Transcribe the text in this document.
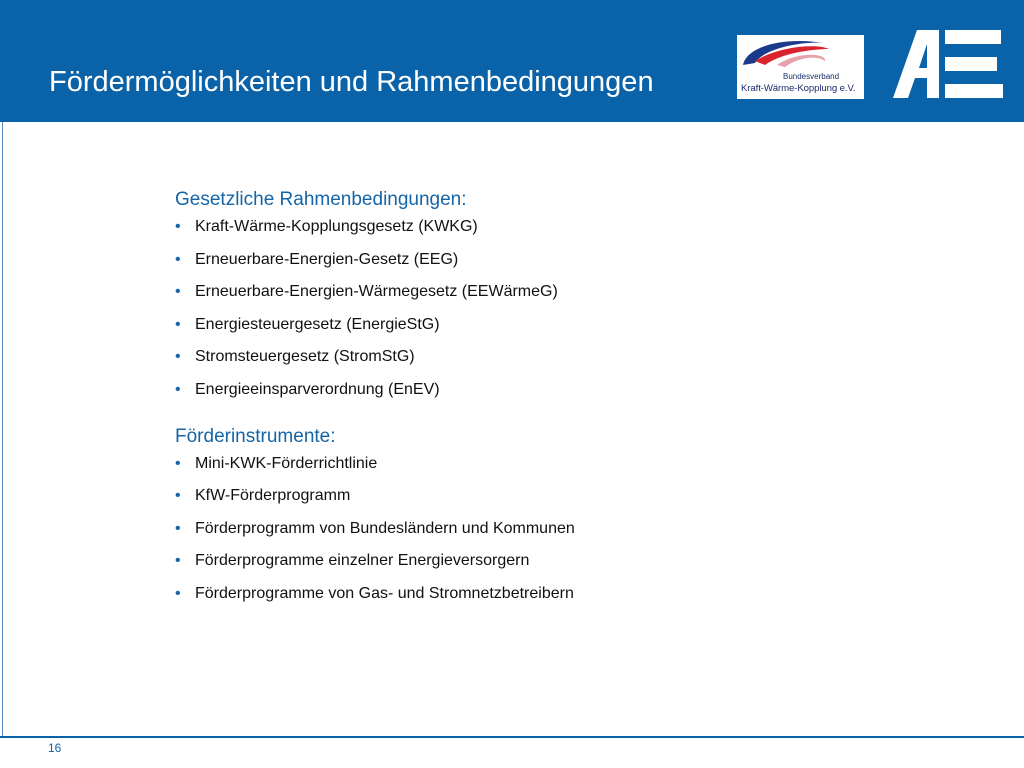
Fördermöglichkeiten und Rahmenbedingungen	Bundesverband
Kraft-Wärme-Kopplung e.V.

Gesetzliche Rahmenbedingungen:

• Kraft-Wärme-Kopplungsgesetz (KWKG)
• Erneuerbare-Energien-Gesetz (EEG)
• Erneuerbare-Energien-Wärmegesetz (EEWärmeG)
• Energiesteuergesetz (EnergieStG)
• Stromsteuergesetz (StromStG)
• Energieeinsparverordnung (EnEV)

Förderinstrumente:

• Mini-KWK-Förderrichtlinie
• KfW-Förderprogramm
• Förderprogramm von Bundesländern und Kommunen
• Förderprogramme einzelner Energieversorgern
• Förderprogramme von Gas- und Stromnetzbetreibern
16
